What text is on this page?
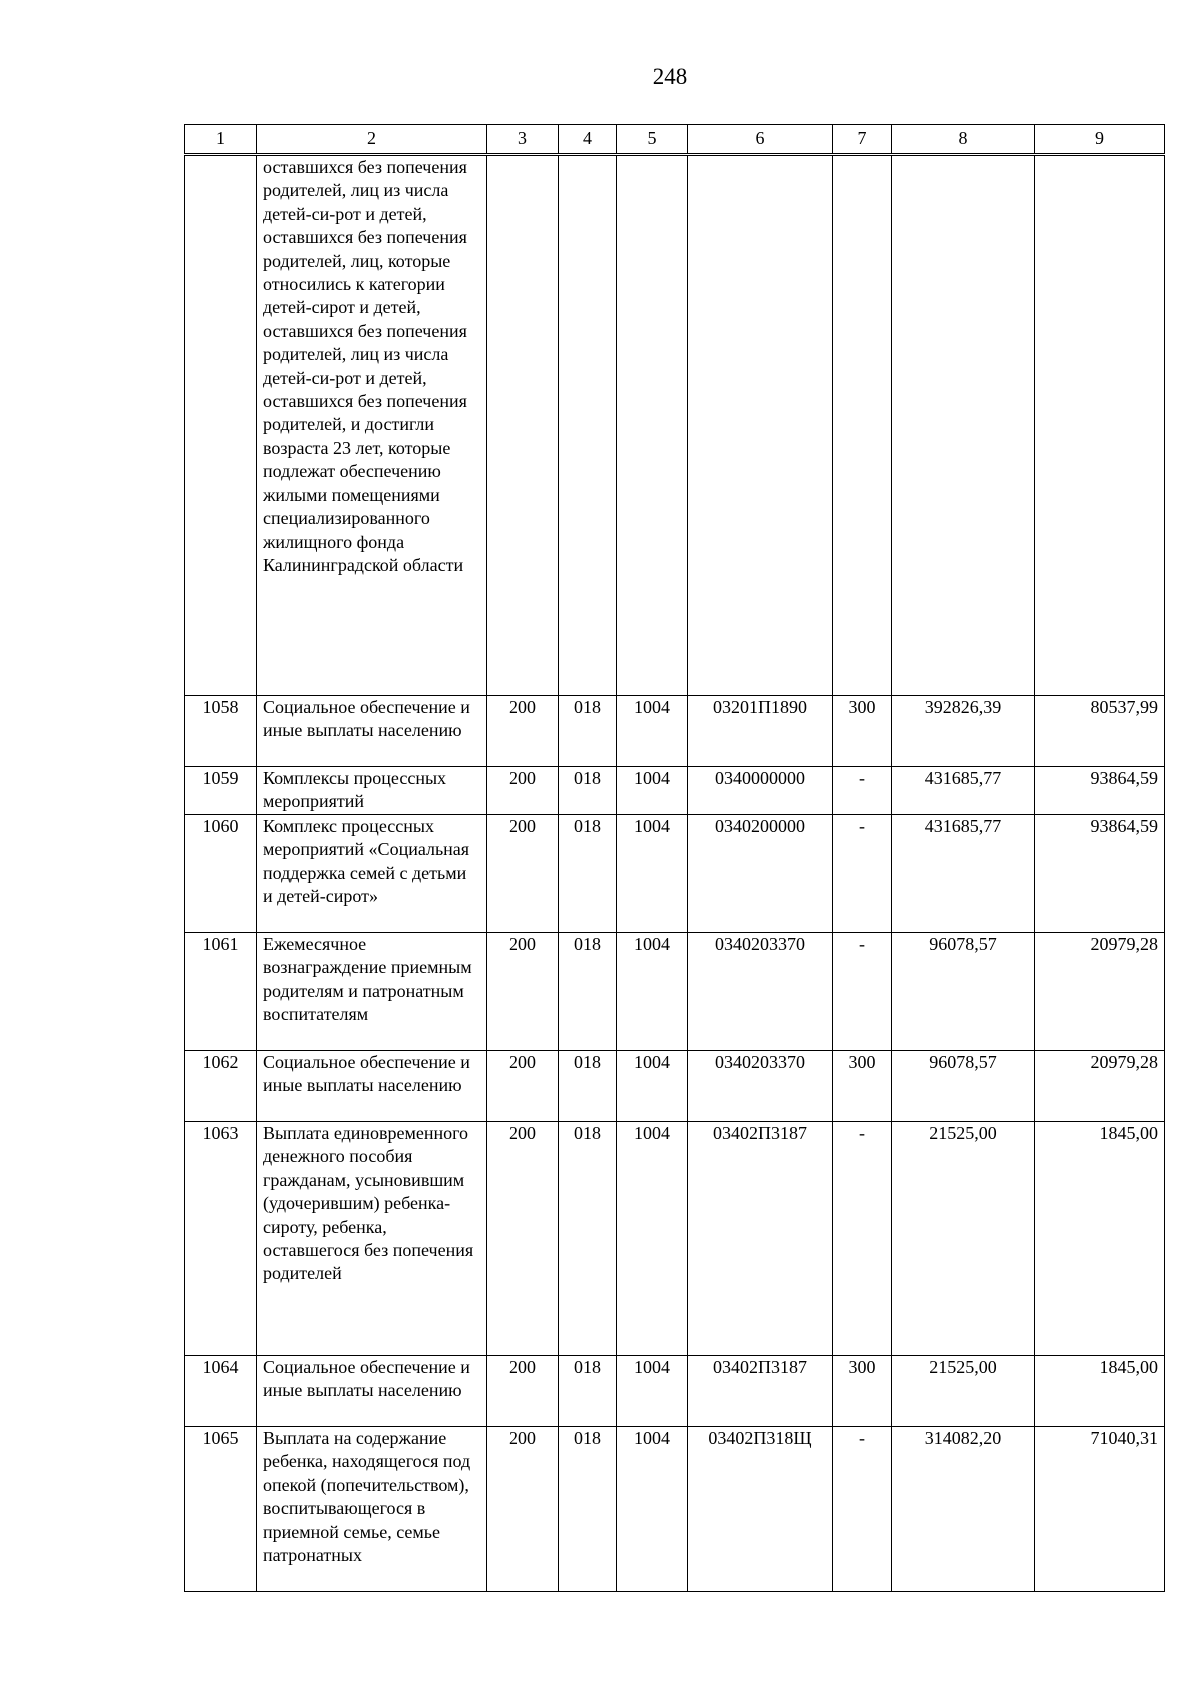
248
1	2	3	4	5	6	7	8	9
	оставшихся без попечения родителей, лиц из числа детей-си-рот и детей, оставшихся без попечения родителей, лиц, которые относились к категории детей-сирот и детей, оставшихся без попечения родителей, лиц из числа детей-си-рот и детей, оставшихся без попечения родителей, и достигли возраста 23 лет, которые подлежат обеспечению жилыми помещениями специализированного жилищного фонда Калининградской области							
1058	Социальное обеспечение и иные выплаты населению	200	018	1004	03201П1890	300	392826,39	80537,99
1059	Комплексы процессных мероприятий	200	018	1004	0340000000	-	431685,77	93864,59
1060	Комплекс процессных мероприятий «Социальная поддержка семей с детьми и детей-сирот»	200	018	1004	0340200000	-	431685,77	93864,59
1061	Ежемесячное вознаграждение приемным родителям и патронатным воспитателям	200	018	1004	0340203370	-	96078,57	20979,28
1062	Социальное обеспечение и иные выплаты населению	200	018	1004	0340203370	300	96078,57	20979,28
1063	Выплата единовременного денежного пособия гражданам, усыновившим (удочерившим) ребенка-сироту, ребенка, оставшегося без попечения родителей	200	018	1004	03402П3187	-	21525,00	1845,00
1064	Социальное обеспечение и иные выплаты населению	200	018	1004	03402П3187	300	21525,00	1845,00
1065	Выплата на содержание ребенка, находящегося под опекой (попечительством), воспитывающегося в приемной семье, семье патронатных	200	018	1004	03402П318Щ	-	314082,20	71040,31
